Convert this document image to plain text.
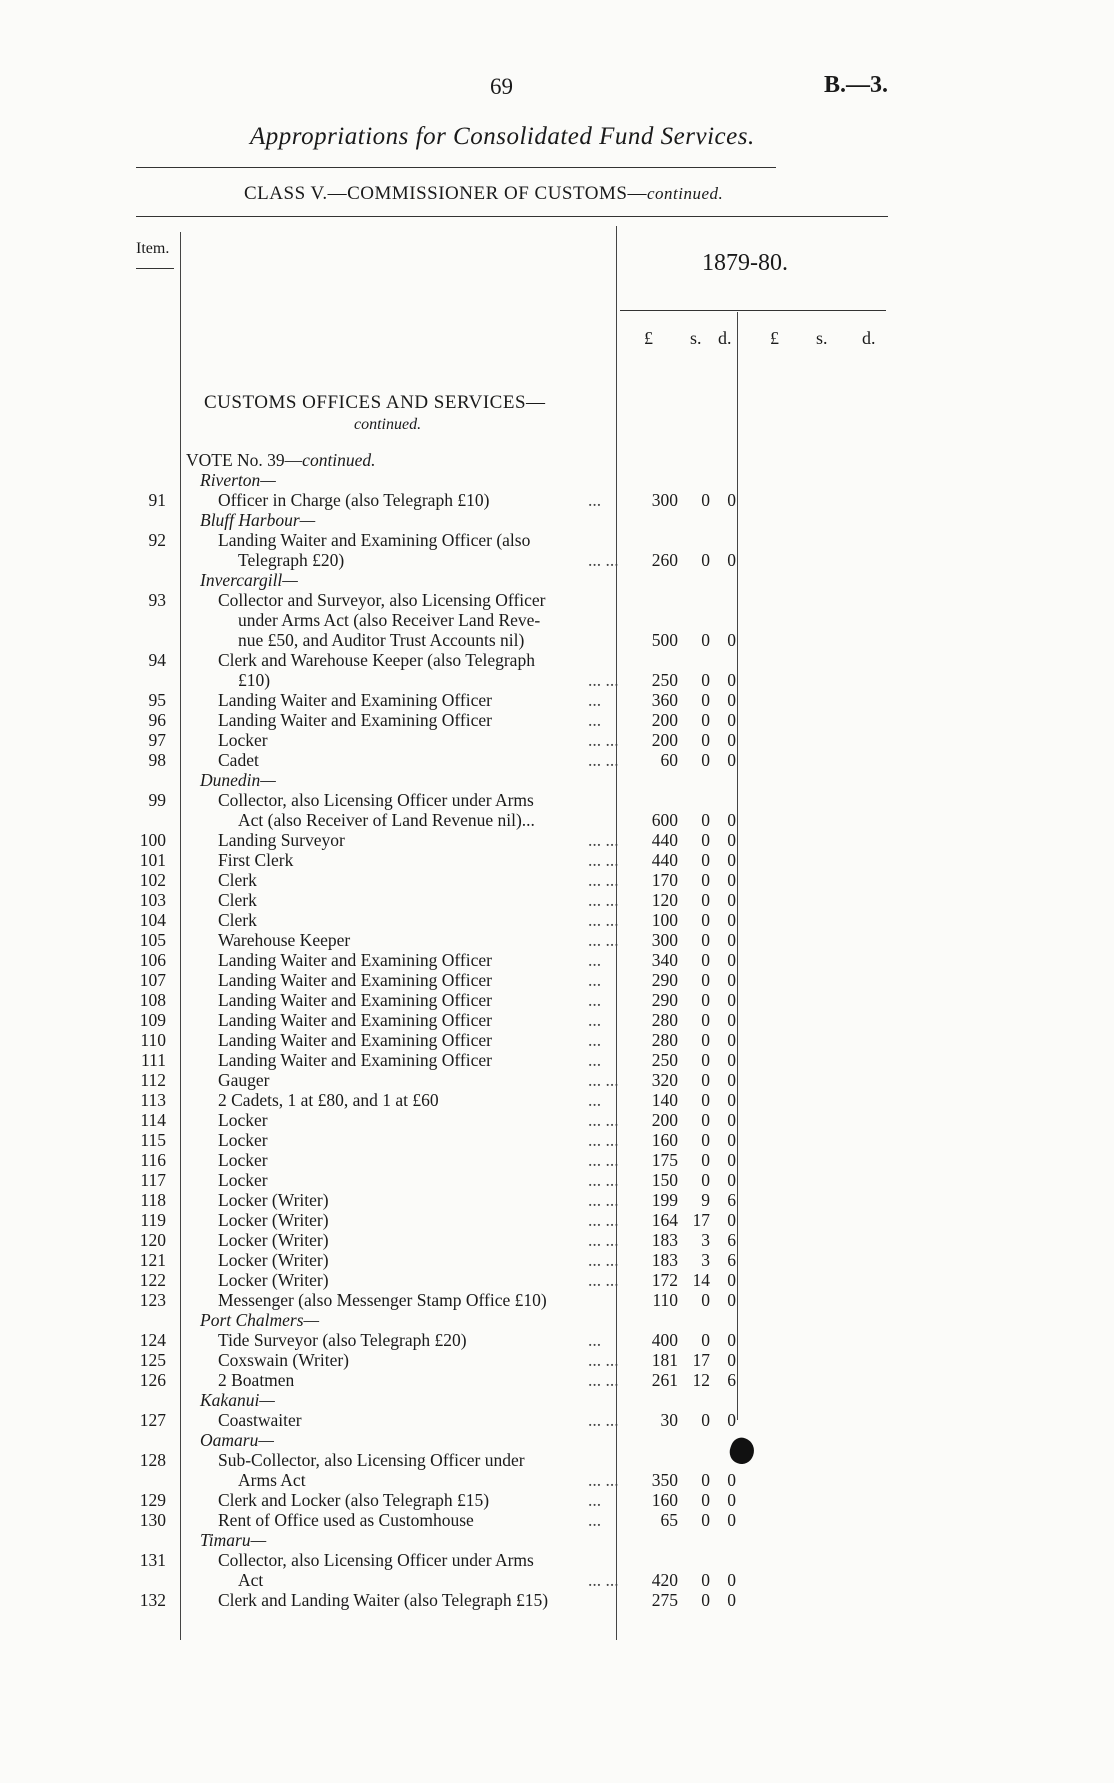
69	B.—3.
Appropriations for Consolidated Fund Services.
CLASS V.—COMMISSIONER OF CUSTOMS—continued.
Item.
1879-80.
£ s. d. £ s. d.
CUSTOMS OFFICES AND SERVICES—
continued.
VOTE No. 39—continued.
Riverton—
91	Officer in Charge (also Telegraph £10)	...	300	0 0
Bluff Harbour—
92	Landing Waiter and Examining Officer (also
Telegraph £20)	... ...	260	0 0
Invercargill—
93	Collector and Surveyor, also Licensing Officer
under Arms Act (also Receiver Land Reve-
nue £50, and Auditor Trust Accounts nil)	500	0 0
94	Clerk and Warehouse Keeper (also Telegraph
£10)	... ...	250	0 0
95	Landing Waiter and Examining Officer	...	360	0 0
96	Landing Waiter and Examining Officer	...	200	0 0
97	Locker	... ...	200	0 0
98	Cadet	... ...	60	0 0
Dunedin—
99	Collector, also Licensing Officer under Arms
Act (also Receiver of Land Revenue nil)...	600	0 0
100	Landing Surveyor	... ...	440	0 0
101	First Clerk	... ...	440	0 0
102	Clerk	... ...	170	0 0
103	Clerk	... ...	120	0 0
104	Clerk	... ...	100	0 0
105	Warehouse Keeper	... ...	300	0 0
106	Landing Waiter and Examining Officer	...	340	0 0
107	Landing Waiter and Examining Officer	...	290	0 0
108	Landing Waiter and Examining Officer	...	290	0 0
109	Landing Waiter and Examining Officer	...	280	0 0
110	Landing Waiter and Examining Officer	...	280	0 0
111	Landing Waiter and Examining Officer	...	250	0 0
112	Gauger	... ...	320	0 0
113	2 Cadets, 1 at £80, and 1 at £60	...	140	0 0
114	Locker	... ...	200	0 0
115	Locker	... ...	160	0 0
116	Locker	... ...	175	0 0
117	Locker	... ...	150	0 0
118	Locker (Writer)	... ...	199	9 6
119	Locker (Writer)	... ...	164 17 0
120	Locker (Writer)	... ...	183	3 6
121	Locker (Writer)	... ...	183	3 6
122	Locker (Writer)	... ...	172 14 0
123	Messenger (also Messenger Stamp Office £10)	110	0 0
Port Chalmers—
124	Tide Surveyor (also Telegraph £20)	...	400	0 0
125	Coxswain (Writer)	... ...	181 17 0
126	2 Boatmen	... ...	261 12 6
Kakanui—
127	Coastwaiter	... ...	30	0 0
Oamaru—
128	Sub-Collector, also Licensing Officer under
Arms Act	... ...	350	0 0
129	Clerk and Locker (also Telegraph £15)	...	160	0 0
130	Rent of Office used as Customhouse	...	65	0 0
Timaru—
131	Collector, also Licensing Officer under Arms
Act	... ...	420	0 0
132	Clerk and Landing Waiter (also Telegraph £15)	275	0 0
